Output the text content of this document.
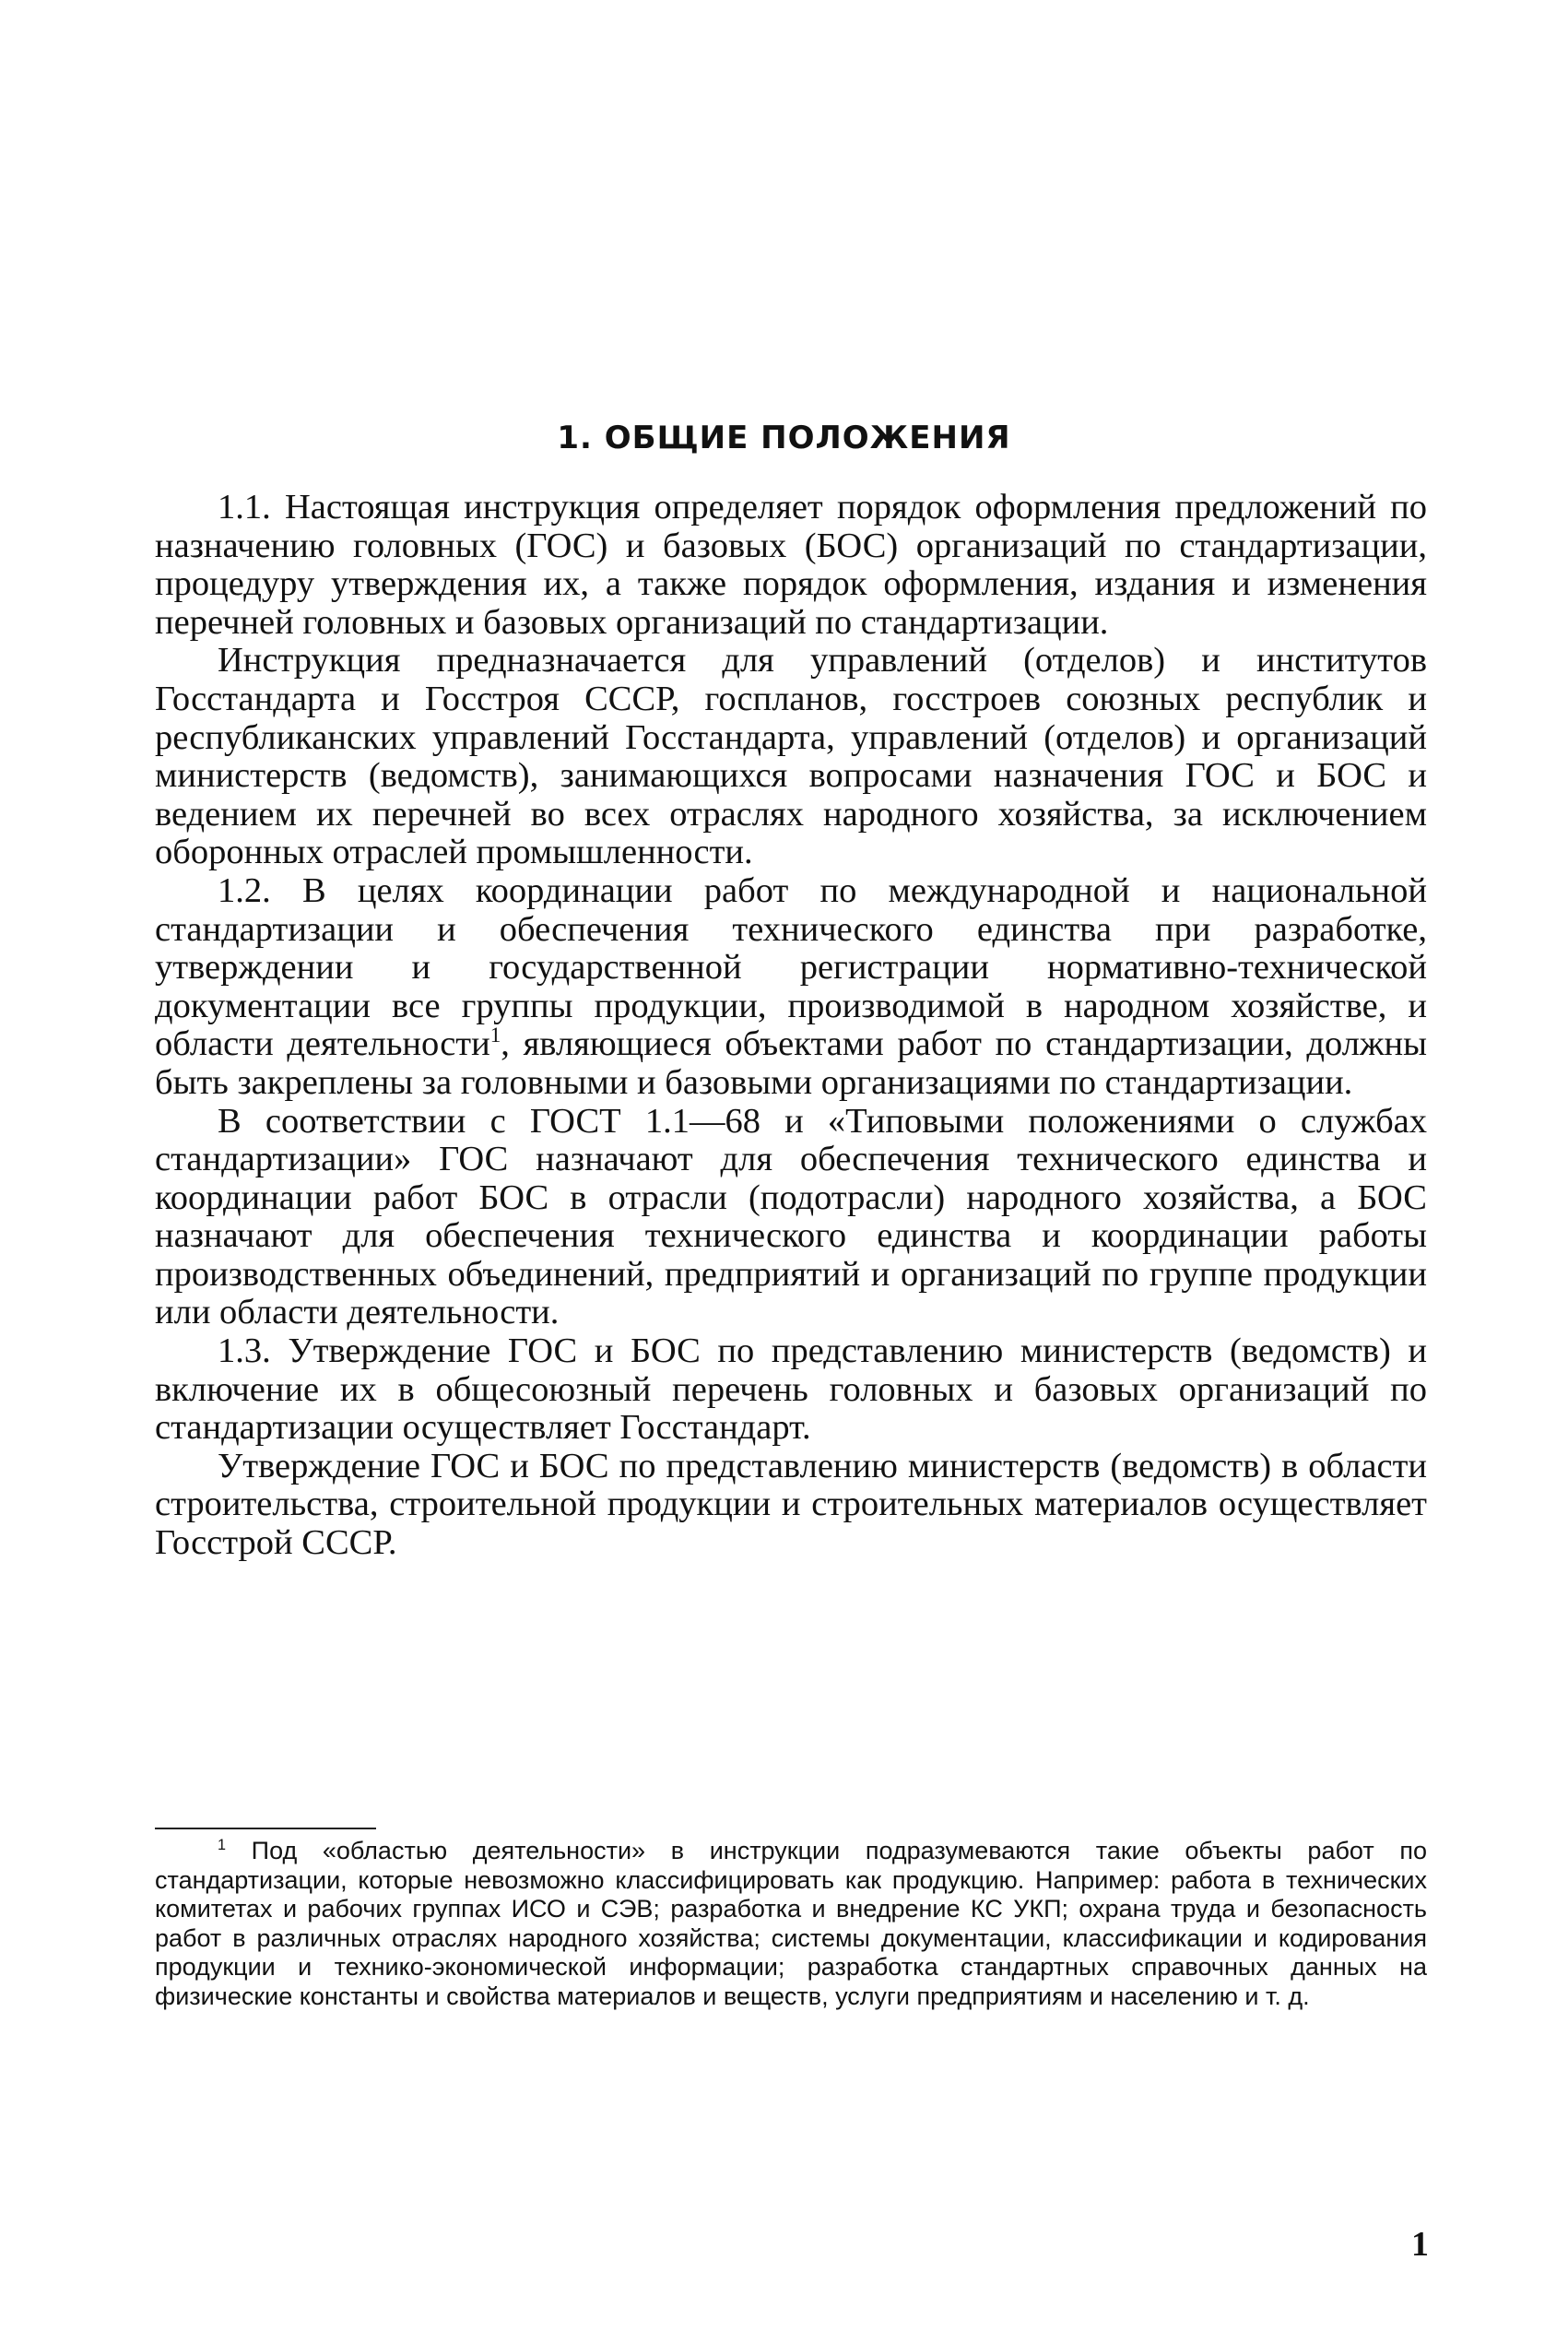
1. ОБЩИЕ ПОЛОЖЕНИЯ

1.1. Настоящая инструкция определяет порядок оформления предложений по назначению головных (ГОС) и базовых (БОС) организаций по стандартизации, процедуру утверждения их, а также порядок оформления, издания и изменения перечней головных и базовых организаций по стандартизации.

Инструкция предназначается для управлений (отделов) и институтов Госстандарта и Госстроя СССР, госпланов, госстроев союзных республик и республиканских управлений Госстандарта, управлений (отделов) и организаций министерств (ведомств), занимающихся вопросами назначения ГОС и БОС и ведением их перечней во всех отраслях народного хозяйства, за исключением оборонных отраслей промышленности.

1.2. В целях координации работ по международной и национальной стандартизации и обеспечения технического единства при разработке, утверждении и государственной регистрации нормативно-технической документации все группы продукции, производимой в народном хозяйстве, и области деятельности$^1$, являющиеся объектами работ по стандартизации, должны быть закреплены за головными и базовыми организациями по стандартизации.

В соответствии с ГОСТ 1.1—68 и «Типовыми положениями о службах стандартизации» ГОС назначают для обеспечения технического единства и координации работ БОС в отрасли (подотрасли) народного хозяйства, а БОС назначают для обеспечения технического единства и координации работы производственных объединений, предприятий и организаций по группе продукции или области деятельности.

1.3. Утверждение ГОС и БОС по представлению министерств (ведомств) и включение их в общесоюзный перечень головных и базовых организаций по стандартизации осуществляет Госстандарт.

Утверждение ГОС и БОС по представлению министерств (ведомств) в области строительства, строительной продукции и строительных материалов осуществляет Госстрой СССР.

$^1$ Под «областью деятельности» в инструкции подразумеваются такие объекты работ по стандартизации, которые невозможно классифицировать как продукцию. Например: работа в технических комитетах и рабочих группах ИСО и СЭВ; разработка и внедрение КС УКП; охрана труда и безопасность работ в различных отраслях народного хозяйства; системы документации, классификации и кодирования продукции и технико-экономической информации; разработка стандартных справочных данных на физические константы и свойства материалов и веществ, услуги предприятиям и населению и т. д.

1
